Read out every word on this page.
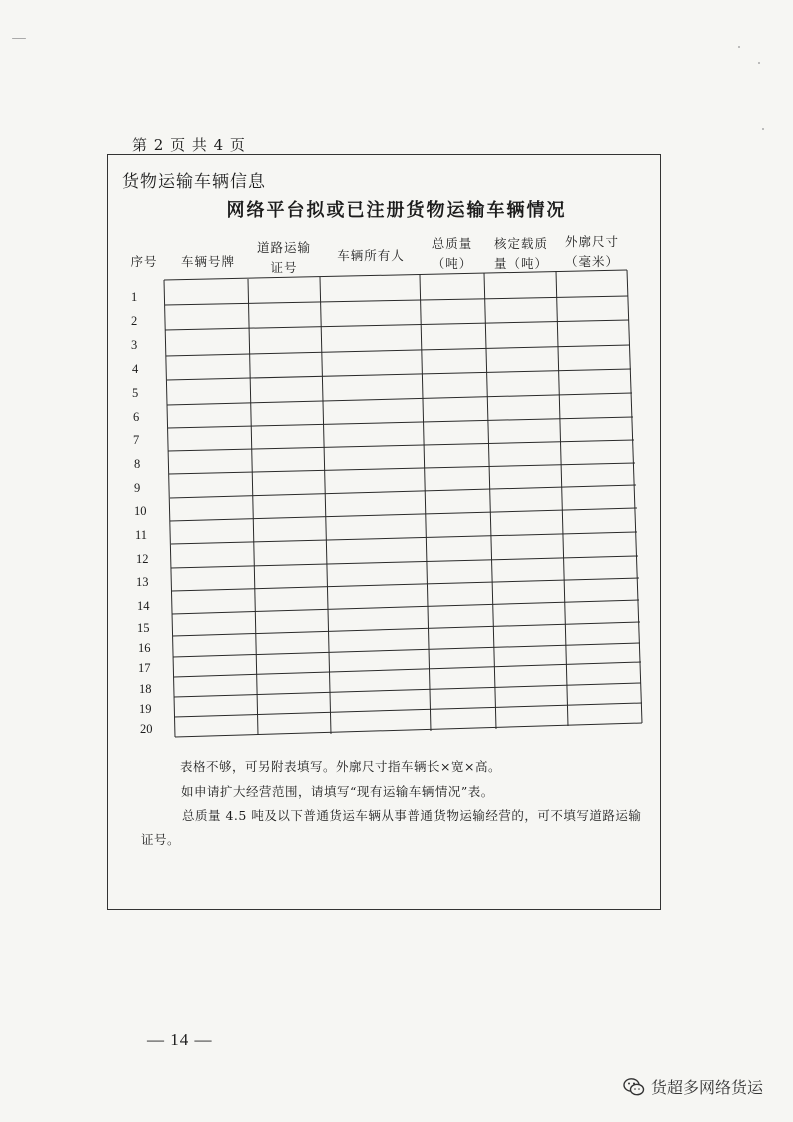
第 2 页 共 4 页
货物运输车辆信息
网络平台拟或已注册货物运输车辆情况
序号	车辆号牌
道路运输
证号
车辆所有人
总质量
（吨）
核定载质
量（吨）
外廓尺寸
（毫米）
1
2
3
4
5
6
7
8
9
10
11
12
13
14
15
16
17
18
19
20
表格不够，可另附表填写。外廓尺寸指车辆长×宽×高。
如申请扩大经营范围，请填写“现有运输车辆情况”表。
总质量 4.5 吨及以下普通货运车辆从事普通货物运输经营的，可不填写道路运输
证号。
— 14 —
货超多网络货运
